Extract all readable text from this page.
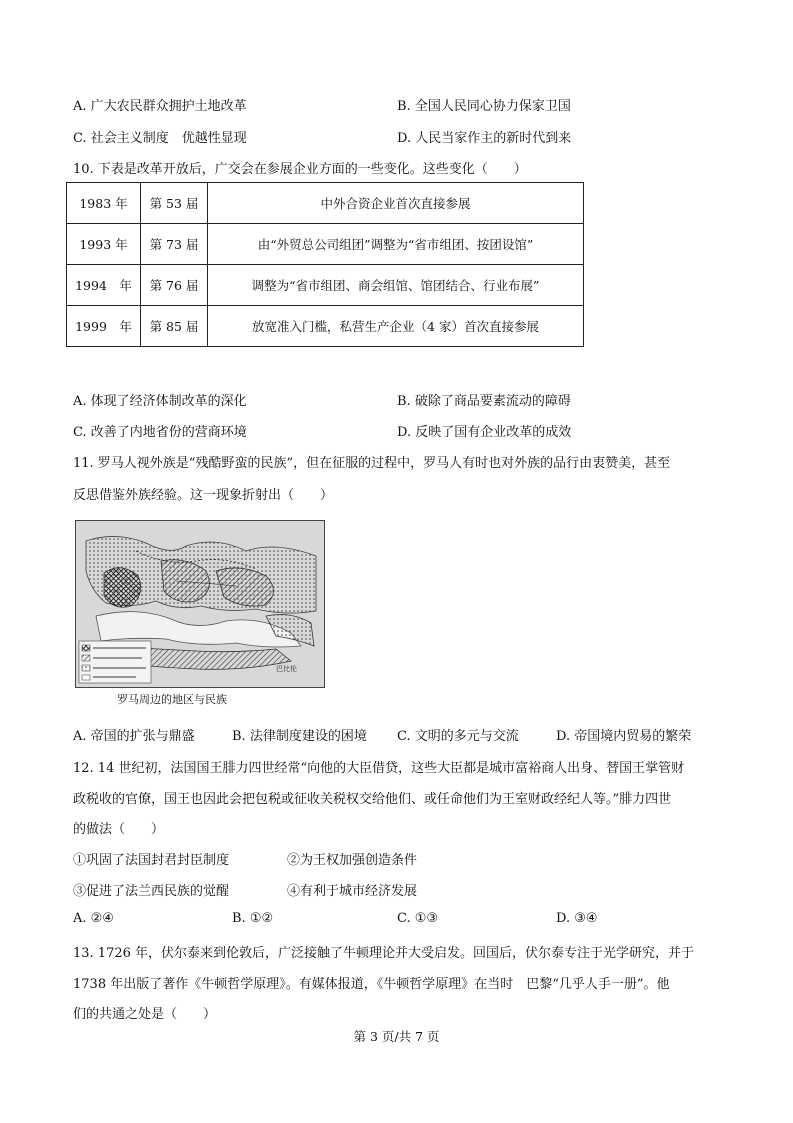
A. 广大农民群众拥护土地改革	B. 全国人民同心协力保家卫国
C. 社会主义制度　优越性显现	D. 人民当家作主的新时代到来
10. 下表是改革开放后，广交会在参展企业方面的一些变化。这些变化（　　）
1983 年	第 53 届	中外合资企业首次直接参展
1993 年	第 73 届	由“外贸总公司组团”调整为“省市组团、按团设馆”
1994　年	第 76 届	调整为“省市组团、商会组馆、馆团结合、行业布展”
1999　年	第 85 届	放宽准入门槛，私营生产企业（4 家）首次直接参展
A. 体现了经济体制改革的深化	B. 破除了商品要素流动的障碍
C. 改善了内地省份的营商环境	D. 反映了国有企业改革的成效
11. 罗马人视外族是“残酷野蛮的民族”，但在征服的过程中，罗马人有时也对外族的品行由衷赞美，甚至
反思借鉴外族经验。这一现象折射出（　　）
巴比伦
罗马周边的地区与民族
A. 帝国的扩张与鼎盛	B. 法律制度建设的困境 C. 文明的多元与交流	D. 帝国境内贸易的繁荣
12. 14 世纪初，法国国王腓力四世经常“向他的大臣借贷，这些大臣都是城市富裕商人出身、替国王掌管财
政税收的官僚，国王也因此会把包税或征收关税权交给他们、或任命他们为王室财政经纪人等。”腓力四世
的做法（　　）
①巩固了法国封君封臣制度	②为王权加强创造条件
③促进了法兰西民族的觉醒	④有利于城市经济发展
A. ②④	B. ①②	C. ①③	D. ③④
13. 1726 年，伏尔泰来到伦敦后，广泛接触了牛顿理论并大受启发。回国后，伏尔泰专注于光学研究，并于
1738 年出版了著作《牛顿哲学原理》。有媒体报道，《牛顿哲学原理》在当时　巴黎“几乎人手一册”。他
们的共通之处是（　　）
第 3 页/共 7 页
